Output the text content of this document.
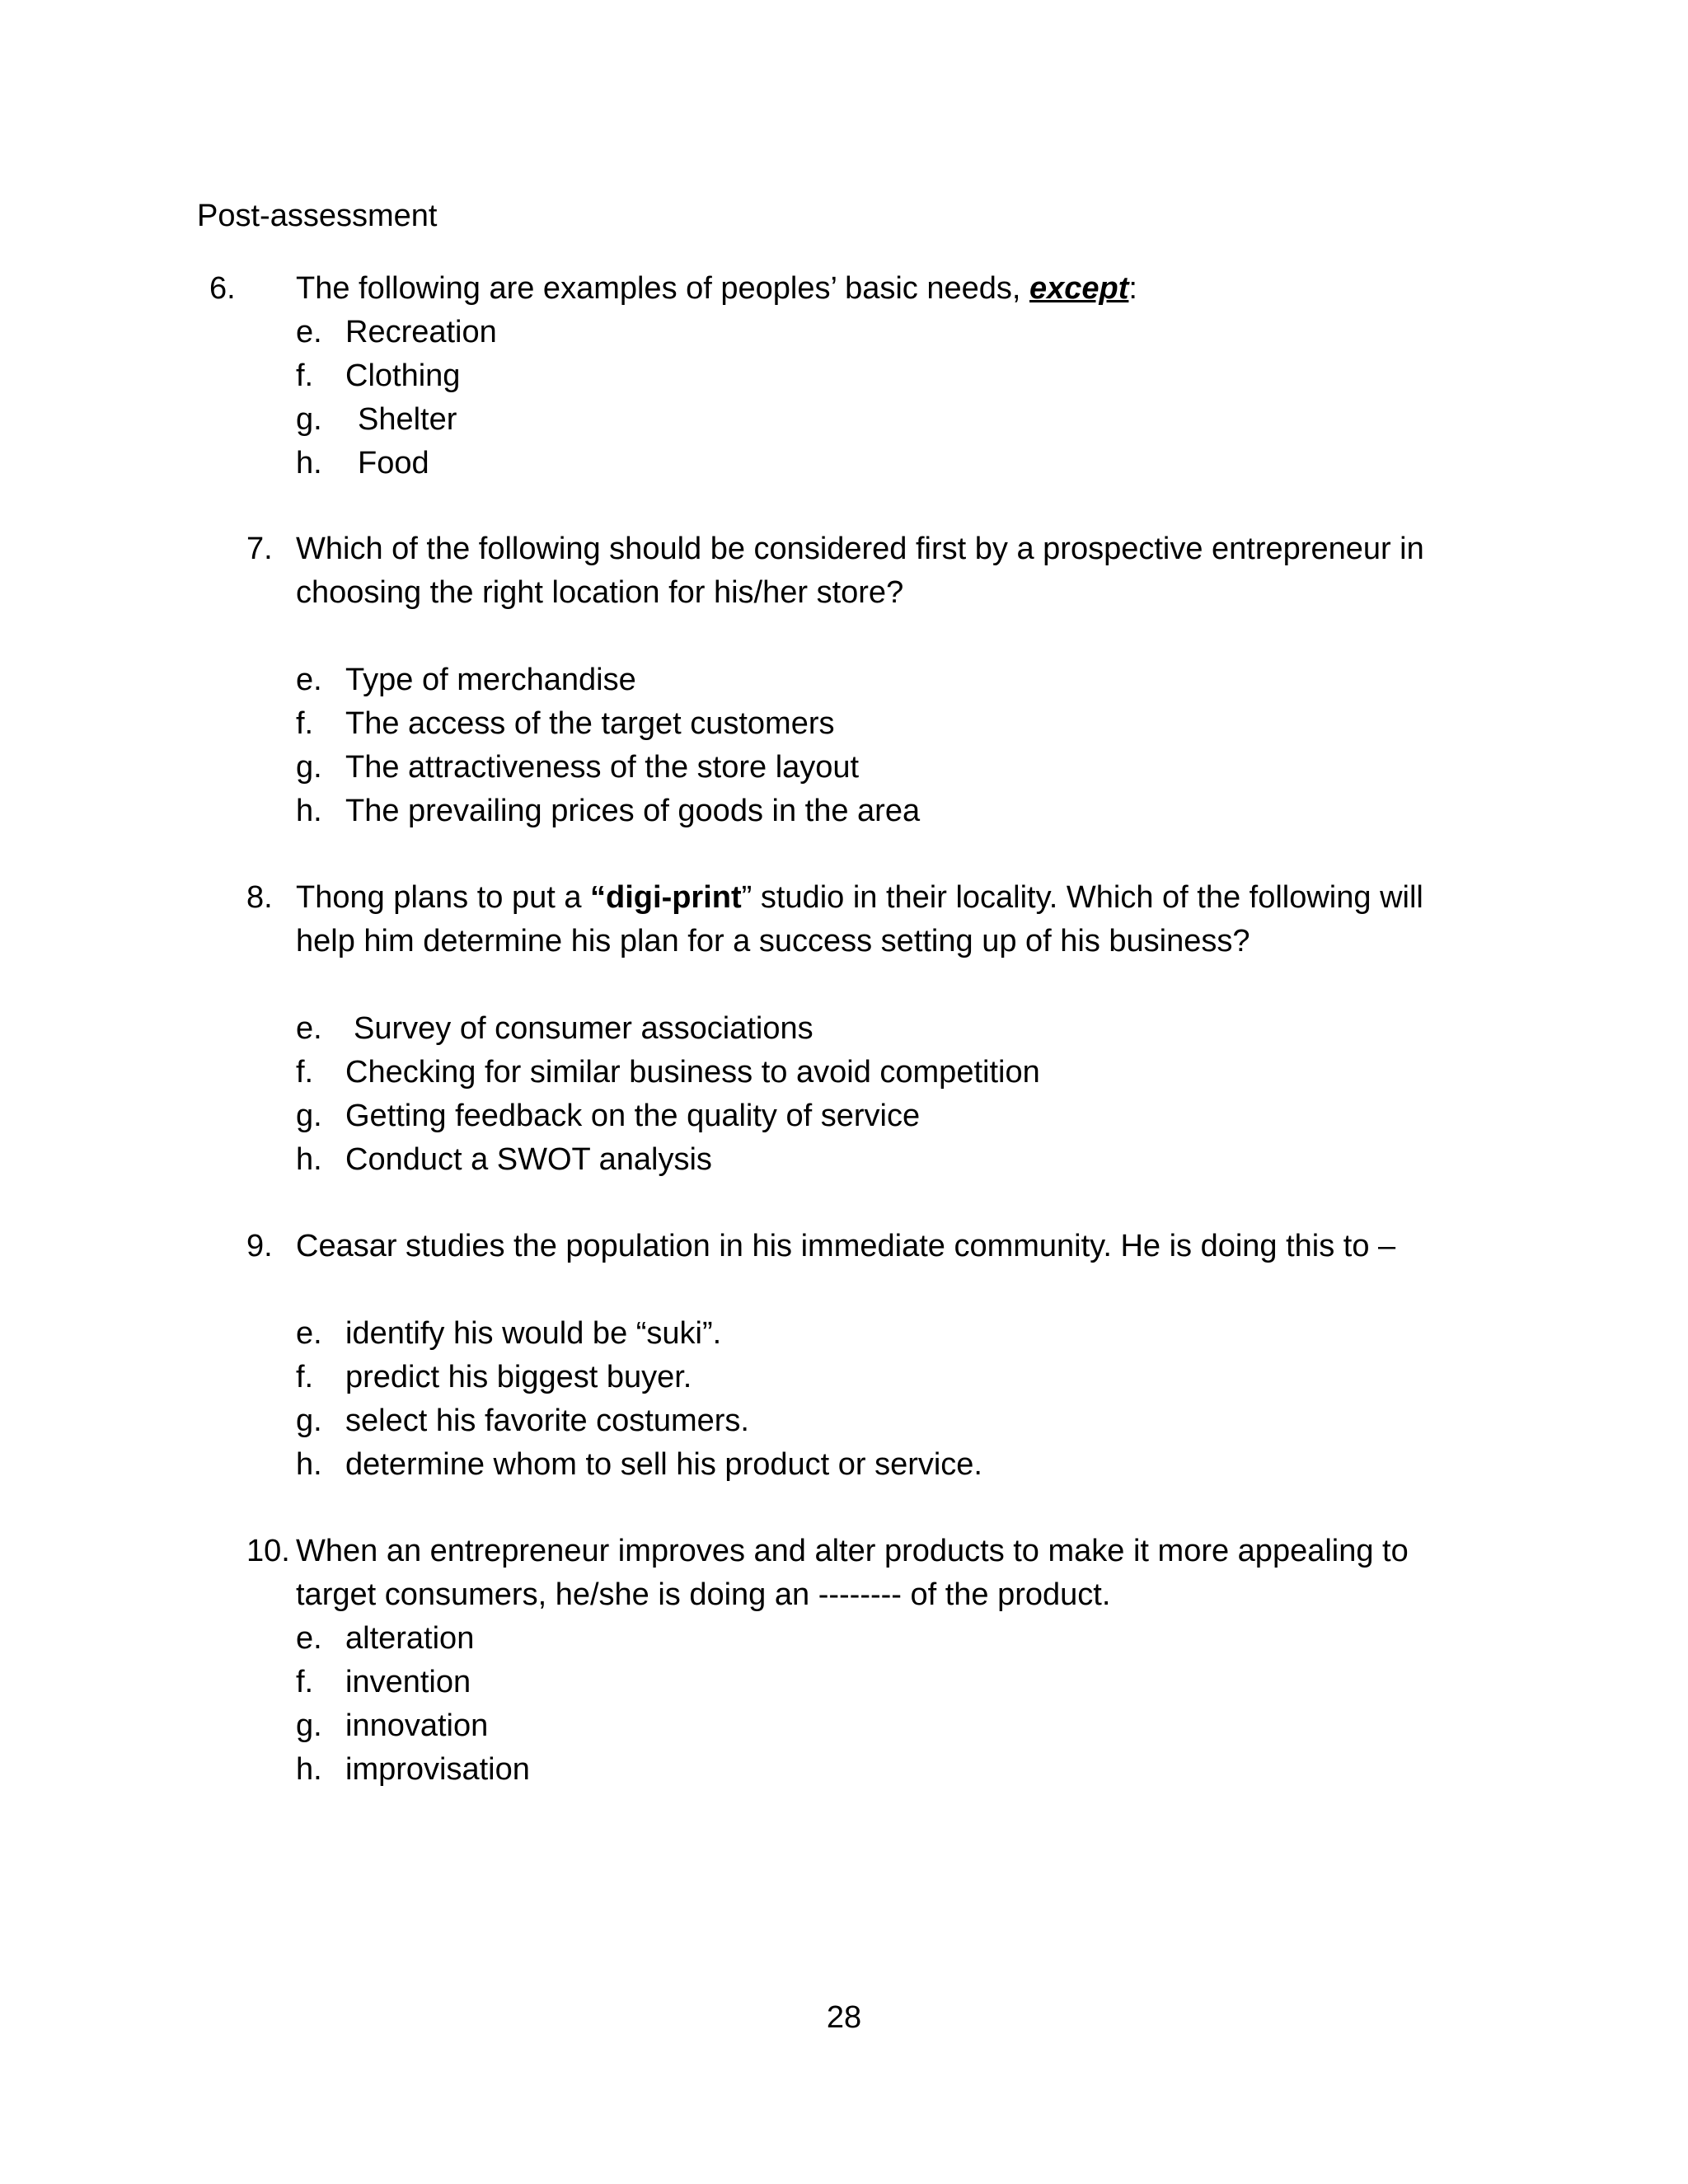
Post-assessment
6. The following are examples of peoples’ basic needs, except:
e. Recreation
f. Clothing
g. Shelter
h. Food
7. Which of the following should be considered first by a prospective entrepreneur in choosing the right location for his/her store?
e. Type of merchandise
f. The access of the target customers
g. The attractiveness of the store layout
h. The prevailing prices of goods in the area
8. Thong plans to put a “digi-print” studio in their locality. Which of the following will help him determine his plan for a success setting up of his business?
e. Survey of consumer associations
f. Checking for similar business to avoid competition
g. Getting feedback on the quality of service
h. Conduct a SWOT analysis
9. Ceasar studies the population in his immediate community. He is doing this to –
e. identify his would be “suki”.
f. predict his biggest buyer.
g. select his favorite costumers.
h. determine whom to sell his product or service.
10. When an entrepreneur improves and alter products to make it more appealing to target consumers, he/she is doing an -------- of the product.
e. alteration
f. invention
g. innovation
h. improvisation
28
